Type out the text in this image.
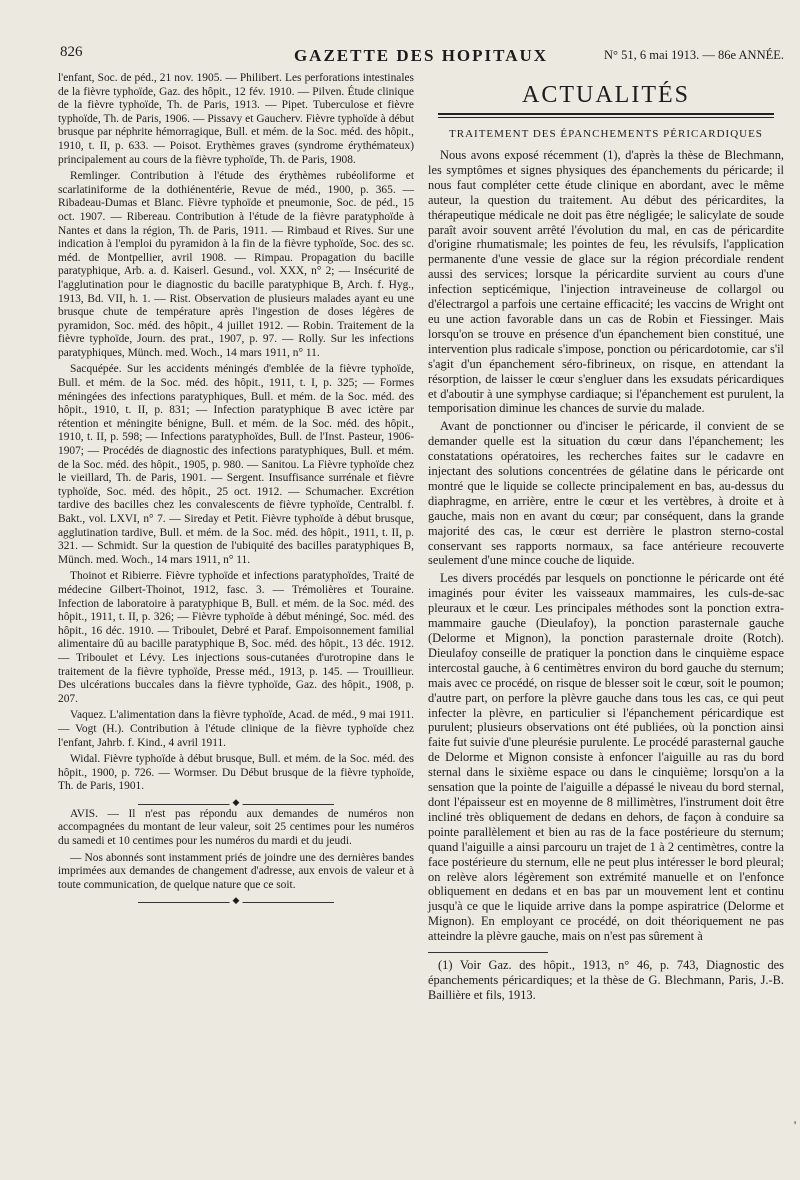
826	GAZETTE DES HOPITAUX	N° 51, 6 mai 1913. — 86e ANNÉE.

l'enfant, Soc. de péd., 21 nov. 1905. — Philibert. Les perforations intestinales de la fièvre typhoïde, Gaz. des hôpit., 12 fév. 1910. — Pilven. Étude clinique de la fièvre typhoïde, Th. de Paris, 1913. — Pipet. Tuberculose et fièvre typhoïde, Th. de Paris, 1906. — Pissavy et Gaucherv. Fièvre typhoïde à début brusque par néphrite hémorragique, Bull. et mém. de la Soc. méd. des hôpit., 1910, t. II, p. 633. — Poisot. Erythèmes graves (syndrome érythémateux) principalement au cours de la fièvre typhoïde, Th. de Paris, 1908.

Remlinger. Contribution à l'étude des érythèmes rubéoliforme et scarlatiniforme de la dothiénentérie, Revue de méd., 1900, p. 365. — Ribadeau-Dumas et Blanc. Fièvre typhoïde et pneumonie, Soc. de péd., 15 oct. 1907. — Ribereau. Contribution à l'étude de la fièvre paratyphoïde à Nantes et dans la région, Th. de Paris, 1911. — Rimbaud et Rives. Sur une indication à l'emploi du pyramidon à la fin de la fièvre typhoïde, Soc. des sc. méd. de Montpellier, avril 1908. — Rimpau. Propagation du bacille paratyphique, Arb. a. d. Kaiserl. Gesund., vol. XXX, n° 2; — Insécurité de l'agglutination pour le diagnostic du bacille paratyphique B, Arch. f. Hyg., 1913, Bd. VII, h. 1. — Rist. Observation de plusieurs malades ayant eu une brusque chute de température après l'ingestion de doses légères de pyramidon, Soc. méd. des hôpit., 4 juillet 1912. — Robin. Traitement de la fièvre typhoïde, Journ. des prat., 1907, p. 97. — Rolly. Sur les infections paratyphiques, Münch. med. Woch., 14 mars 1911, n° 11.

Sacquépée. Sur les accidents méningés d'emblée de la fièvre typhoïde, Bull. et mém. de la Soc. méd. des hôpit., 1911, t. I, p. 325; — Formes méningées des infections paratyphiques, Bull. et mém. de la Soc. méd. des hôpit., 1910, t. II, p. 831; — Infection paratyphique B avec ictère par rétention et méningite bénigne, Bull. et mém. de la Soc. méd. des hôpit., 1910, t. II, p. 598; — Infections paratyphoïdes, Bull. de l'Inst. Pasteur, 1906-1907; — Procédés de diagnostic des infections paratyphiques, Bull. et mém. de la Soc. méd. des hôpit., 1905, p. 980. — Sanitou. La Fièvre typhoïde chez le vieillard, Th. de Paris, 1901. — Sergent. Insuffisance surrénale et fièvre typhoïde, Soc. méd. des hôpit., 25 oct. 1912. — Schumacher. Excrétion tardive des bacilles chez les convalescents de fièvre typhoïde, Centralbl. f. Bakt., vol. LXVI, n° 7. — Sireday et Petit. Fièvre typhoïde à début brusque, agglutination tardive, Bull. et mém. de la Soc. méd. des hôpit., 1911, t. II, p. 321. — Schmidt. Sur la question de l'ubiquité des bacilles paratyphiques B, Münch. med. Woch., 14 mars 1911, n° 11.

Thoinot et Ribierre. Fièvre typhoïde et infections paratyphoïdes, Traité de médecine Gilbert-Thoinot, 1912, fasc. 3. — Trémolières et Touraine. Infection de laboratoire à paratyphique B, Bull. et mém. de la Soc. méd. des hôpit., 1911, t. II, p. 326; — Fièvre typhoïde à début méningé, Soc. méd. des hôpit., 16 déc. 1910. — Triboulet, Debré et Paraf. Empoisonnement familial alimentaire dû au bacille paratyphique B, Soc. méd. des hôpit., 13 déc. 1912. — Triboulet et Lévy. Les injections sous-cutanées d'urotropine dans le traitement de la fièvre typhoïde, Presse méd., 1913, p. 145. — Trouillieur. Des ulcérations buccales dans la fièvre typhoïde, Gaz. des hôpit., 1908, p. 207.

Vaquez. L'alimentation dans la fièvre typhoïde, Acad. de méd., 9 mai 1911. — Vogt (H.). Contribution à l'étude clinique de la fièvre typhoïde chez l'enfant, Jahrb. f. Kind., 4 avril 1911.

Widal. Fièvre typhoïde à début brusque, Bull. et mém. de la Soc. méd. des hôpit., 1900, p. 726. — Wormser. Du Début brusque de la fièvre typhoïde, Th. de Paris, 1901.

◆

AVIS. — Il n'est pas répondu aux demandes de numéros non accompagnées du montant de leur valeur, soit 25 centimes pour les numéros du samedi et 10 centimes pour les numéros du mardi et du jeudi.

— Nos abonnés sont instamment priés de joindre une des dernières bandes imprimées aux demandes de changement d'adresse, aux envois de valeur et à toute communication, de quelque nature que ce soit.

◆
ACTUALITÉS
TRAITEMENT DES ÉPANCHEMENTS PÉRICARDIQUES

Nous avons exposé récemment (1), d'après la thèse de Blechmann, les symptômes et signes physiques des épanchements du péricarde; il nous faut compléter cette étude clinique en abordant, avec le même auteur, la question du traitement. Au début des péricardites, la thérapeutique médicale ne doit pas être négligée; le salicylate de soude paraît avoir souvent arrêté l'évolution du mal, en cas de péricardite d'origine rhumatismale; les pointes de feu, les révulsifs, l'application permanente d'une vessie de glace sur la région précordiale rendent aussi des services; lorsque la péricardite survient au cours d'une infection septicémique, l'injection intraveineuse de collargol ou d'électrargol a parfois une certaine efficacité; les vaccins de Wright ont eu une action favorable dans un cas de Robin et Fiessinger. Mais lorsqu'on se trouve en présence d'un épanchement bien constitué, une intervention plus radicale s'impose, ponction ou péricardotomie, car s'il s'agit d'un épanchement séro-fibrineux, on risque, en attendant la résorption, de laisser le cœur s'engluer dans les exsudats péricardiques et d'aboutir à une symphyse cardiaque; si l'épanchement est purulent, la temporisation diminue les chances de survie du malade.

Avant de ponctionner ou d'inciser le péricarde, il convient de se demander quelle est la situation du cœur dans l'épanchement; les constatations opératoires, les recherches faites sur le cadavre en injectant des solutions concentrées de gélatine dans le péricarde ont montré que le liquide se collecte principalement en bas, au-dessus du diaphragme, en arrière, entre le cœur et les vertèbres, à droite et à gauche, mais non en avant du cœur; par conséquent, dans la grande majorité des cas, le cœur est derrière le plastron sterno-costal conservant ses rapports normaux, sa face antérieure recouverte seulement d'une mince couche de liquide.

Les divers procédés par lesquels on ponctionne le péricarde ont été imaginés pour éviter les vaisseaux mammaires, les culs-de-sac pleuraux et le cœur. Les principales méthodes sont la ponction extra-mammaire gauche (Dieulafoy), la ponction parasternale gauche (Delorme et Mignon), la ponction parasternale droite (Rotch). Dieulafoy conseille de pratiquer la ponction dans le cinquième espace intercostal gauche, à 6 centimètres environ du bord gauche du sternum; mais avec ce procédé, on risque de blesser soit le cœur, soit le poumon; d'autre part, on perfore la plèvre gauche dans tous les cas, ce qui peut infecter la plèvre, en particulier si l'épanchement péricardique est purulent; plusieurs observations ont été publiées, où la ponction ainsi faite fut suivie d'une pleurésie purulente. Le procédé parasternal gauche de Delorme et Mignon consiste à enfoncer l'aiguille au ras du bord sternal dans le sixième espace ou dans le cinquième; lorsqu'on a la sensation que la pointe de l'aiguille a dépassé le niveau du bord sternal, dont l'épaisseur est en moyenne de 8 millimètres, l'instrument doit être incliné très obliquement de dedans en dehors, de façon à conduire sa pointe parallèlement et bien au ras de la face postérieure du sternum; quand l'aiguille a ainsi parcouru un trajet de 1 à 2 centimètres, contre la face postérieure du sternum, elle ne peut plus intéresser le bord pleural; on relève alors légèrement son extrémité manuelle et on l'enfonce obliquement en dedans et en bas par un mouvement lent et continu jusqu'à ce que le liquide arrive dans la pompe aspiratrice (Delorme et Mignon). En employant ce procédé, on doit théoriquement ne pas atteindre la plèvre gauche, mais on n'est pas sûrement à

(1) Voir Gaz. des hôpit., 1913, n° 46, p. 743, Diagnostic des épanchements péricardiques; et la thèse de G. Blechmann, Paris, J.-B. Baillière et fils, 1913.

'
